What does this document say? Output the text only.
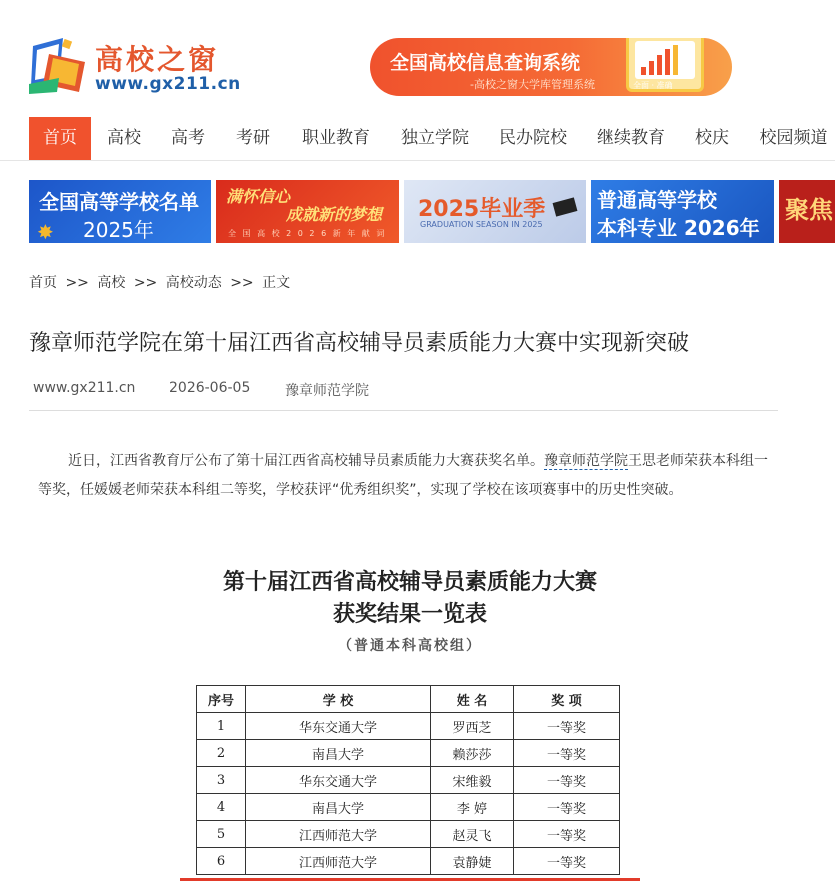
高校之窗
www.gx211.cn
全国高校信息查询系统
-高校之窗大学库管理系统	全面 · 准确
首页	高校	高考	考研	职业教育	独立学院	民办院校	继续教育	校庆	校园频道
全国高等学校名单
2025年
✸
满怀信心
成就新的梦想
全 国 高 校 2 0 2 6 新 年 献 词
2025毕业季
GRADUATION SEASON IN 2025
普通高等学校
本科专业 2026年
聚焦
首页 >> 高校 >> 高校动态 >> 正文
豫章师范学院在第十届江西省高校辅导员素质能力大赛中实现新突破
www.gx211.cn 2026-06-05 豫章师范学院
近日，江西省教育厅公布了第十届江西省高校辅导员素质能力大赛获奖名单。豫章师范学院王思老师荣获本科组一等奖，任媛媛老师荣获本科组二等奖，学校获评“优秀组织奖”，实现了学校在该项赛事中的历史性突破。
第十届江西省高校辅导员素质能力大赛
获奖结果一览表
（普通本科高校组）
序号	学 校	姓 名	奖 项
1	华东交通大学	罗西芝	一等奖
2	南昌大学	赖莎莎	一等奖
3	华东交通大学	宋维毅	一等奖
4	南昌大学	李 婷	一等奖
5	江西师范大学	赵灵飞	一等奖
6	江西师范大学	袁静婕	一等奖
